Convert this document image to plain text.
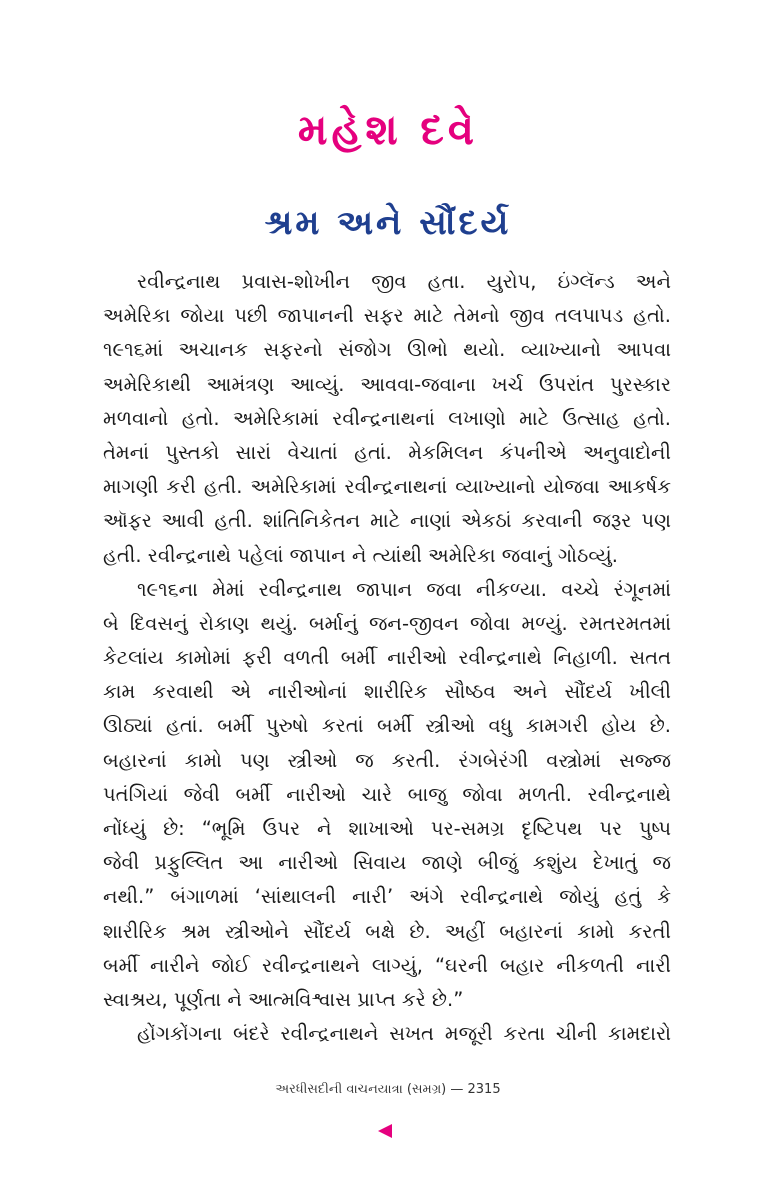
મહેશ દવે
શ્રમ અને સૌંદર્ય
રવીન્દ્રનાથ પ્રવાસ-શોખીન જીવ હતા. યુરોપ, ઇંગ્લૅન્ડ અને
અમેરિકા જોયા પછી જાપાનની સફર માટે તેમનો જીવ તલપાપડ હતો.
૧૯૧૬માં અચાનક સફરનો સંજોગ ઊભો થયો. વ્યાખ્યાનો આપવા
અમેરિકાથી આમંત્રણ આવ્યું. આવવા-જવાના ખર્ચ ઉપરાંત પુરસ્કાર
મળવાનો હતો. અમેરિકામાં રવીન્દ્રનાથનાં લખાણો માટે ઉત્સાહ હતો.
તેમનાં પુસ્તકો સારાં વેચાતાં હતાં. મેકમિલન કંપનીએ અનુવાદોની
માગણી કરી હતી. અમેરિકામાં રવીન્દ્રનાથનાં વ્યાખ્યાનો યોજવા આકર્ષક
ઑફર આવી હતી. શાંતિનિકેતન માટે નાણાં એકઠાં કરવાની જરૂર પણ
હતી. રવીન્દ્રનાથે પહેલાં જાપાન ને ત્યાંથી અમેરિકા જવાનું ગોઠવ્યું.
૧૯૧૬ના મેમાં રવીન્દ્રનાથ જાપાન જવા નીકળ્યા. વચ્ચે રંગૂનમાં
બે દિવસનું રોકાણ થયું. બર્માનું જન-જીવન જોવા મળ્યું. રમતરમતમાં
કેટલાંય કામોમાં ફરી વળતી બર્મી નારીઓ રવીન્દ્રનાથે નિહાળી. સતત
કામ કરવાથી એ નારીઓનાં શારીરિક સૌષ્ઠવ અને સૌંદર્ય ખીલી
ઊઠ્યાં હતાં. બર્મી પુરુષો કરતાં બર્મી સ્ત્રીઓ વધુ કામગરી હોય છે.
બહારનાં કામો પણ સ્ત્રીઓ જ કરતી. રંગબેરંગી વસ્ત્રોમાં સજ્જ
પતંગિયાં જેવી બર્મી નારીઓ ચારે બાજુ જોવા મળતી. રવીન્દ્રનાથે
નોંધ્યું છે: “ભૂમિ ઉપર ને શાખાઓ પર-સમગ્ર દૃષ્ટિપથ પર પુષ્પ
જેવી પ્રફુલ્લિત આ નારીઓ સિવાય જાણે બીજું કશુંય દેખાતું જ
નથી.” બંગાળમાં ‘સાંથાલની નારી’ અંગે રવીન્દ્રનાથે જોયું હતું કે
શારીરિક શ્રમ સ્ત્રીઓને સૌંદર્ય બક્ષે છે. અહીં બહારનાં કામો કરતી
બર્મી નારીને જોઈ રવીન્દ્રનાથને લાગ્યું, “ઘરની બહાર નીકળતી નારી
સ્વાશ્રય, પૂર્ણતા ને આત્મવિશ્વાસ પ્રાપ્ત કરે છે.”
હોંગકોંગના બંદરે રવીન્દ્રનાથને સખત મજૂરી કરતા ચીની કામદારો
અરધીસદીની વાચનયાત્રા (સમગ્ર) — 2315
